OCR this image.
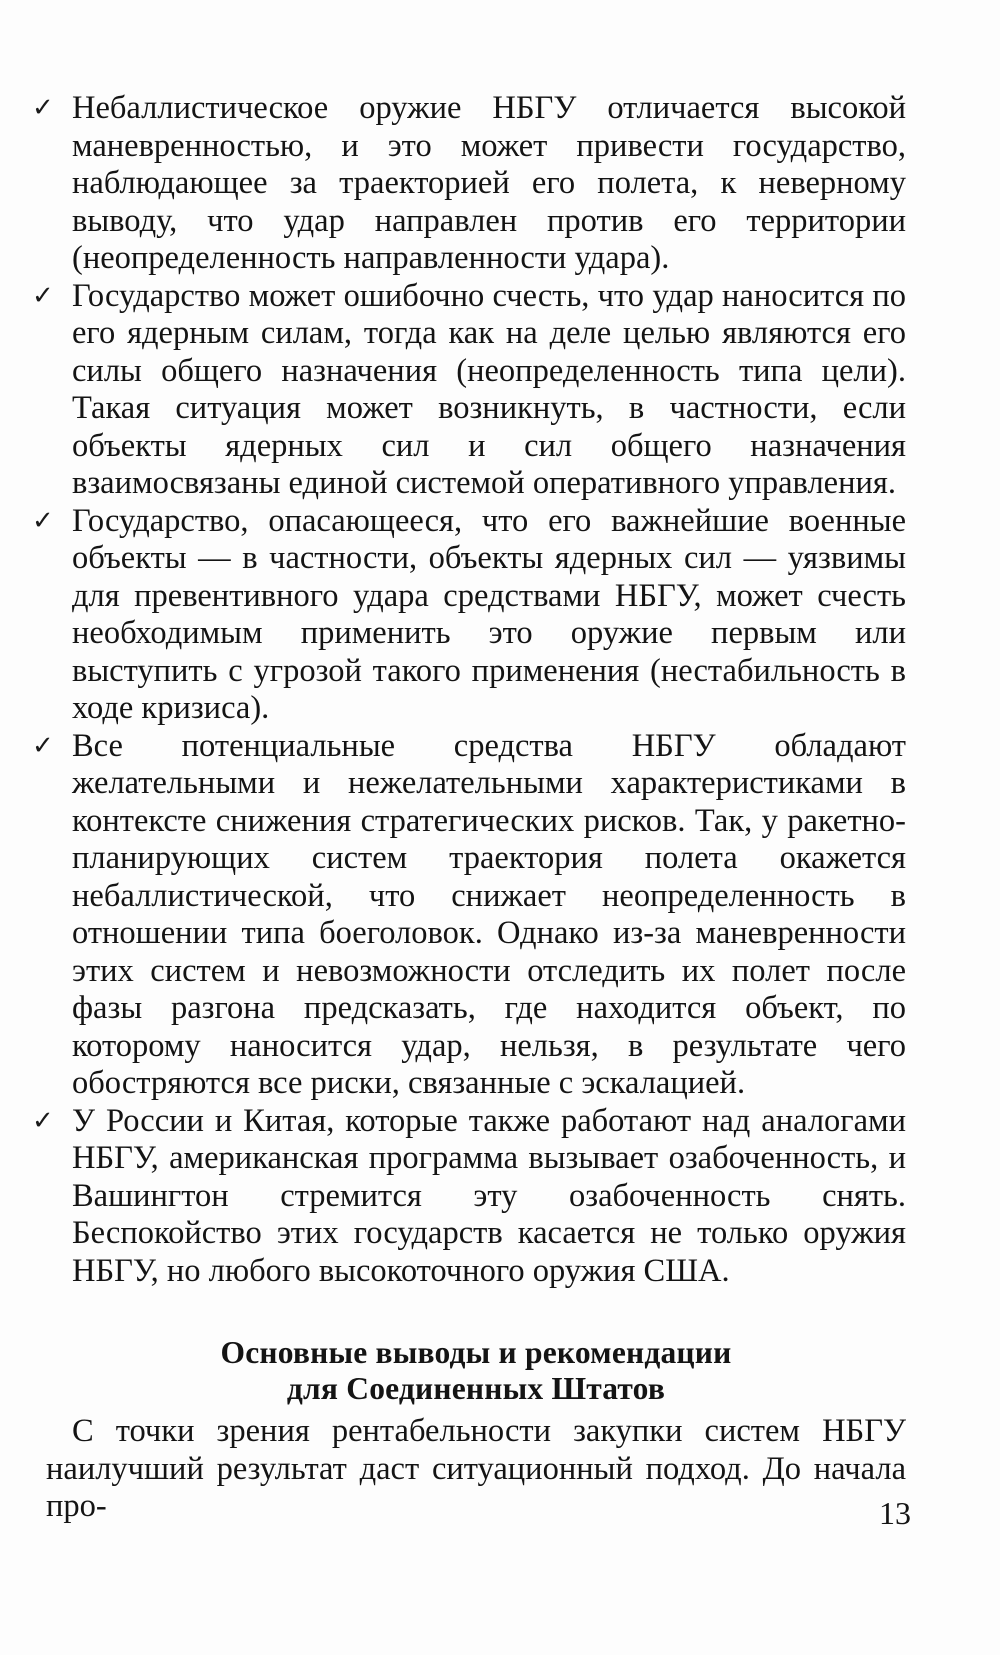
✓ Небаллистическое оружие НБГУ отличается высокой маневренностью, и это может привести государство, наблюдающее за траекторией его полета, к неверному выводу, что удар направлен против его территории (неопределенность направленности удара).

✓ Государство может ошибочно счесть, что удар наносится по его ядерным силам, тогда как на деле целью являются его силы общего назначения (неопределенность типа цели). Такая ситуация может возникнуть, в частности, если объекты ядерных сил и сил общего назначения взаимосвязаны единой системой оперативного управления.

✓ Государство, опасающееся, что его важнейшие военные объекты — в частности, объекты ядерных сил — уязвимы для превентивного удара средствами НБГУ, может счесть необходимым применить это оружие первым или выступить с угрозой такого применения (нестабильность в ходе кризиса).

✓ Все потенциальные средства НБГУ обладают желательными и нежелательными характеристиками в контексте снижения стратегических рисков. Так, у ракетно-планирующих систем траектория полета окажется небаллистической, что снижает неопределенность в отношении типа боеголовок. Однако из-за маневренности этих систем и невозможности отследить их полет после фазы разгона предсказать, где находится объект, по которому наносится удар, нельзя, в результате чего обостряются все риски, связанные с эскалацией.

✓ У России и Китая, которые также работают над аналогами НБГУ, американская программа вызывает озабоченность, и Вашингтон стремится эту озабоченность снять. Беспокойство этих государств касается не только оружия НБГУ, но любого высокоточного оружия США.

Основные выводы и рекомендации
для Соединенных Штатов

С точки зрения рентабельности закупки систем НБГУ наилучший результат даст ситуационный подход. До начала про-	13
